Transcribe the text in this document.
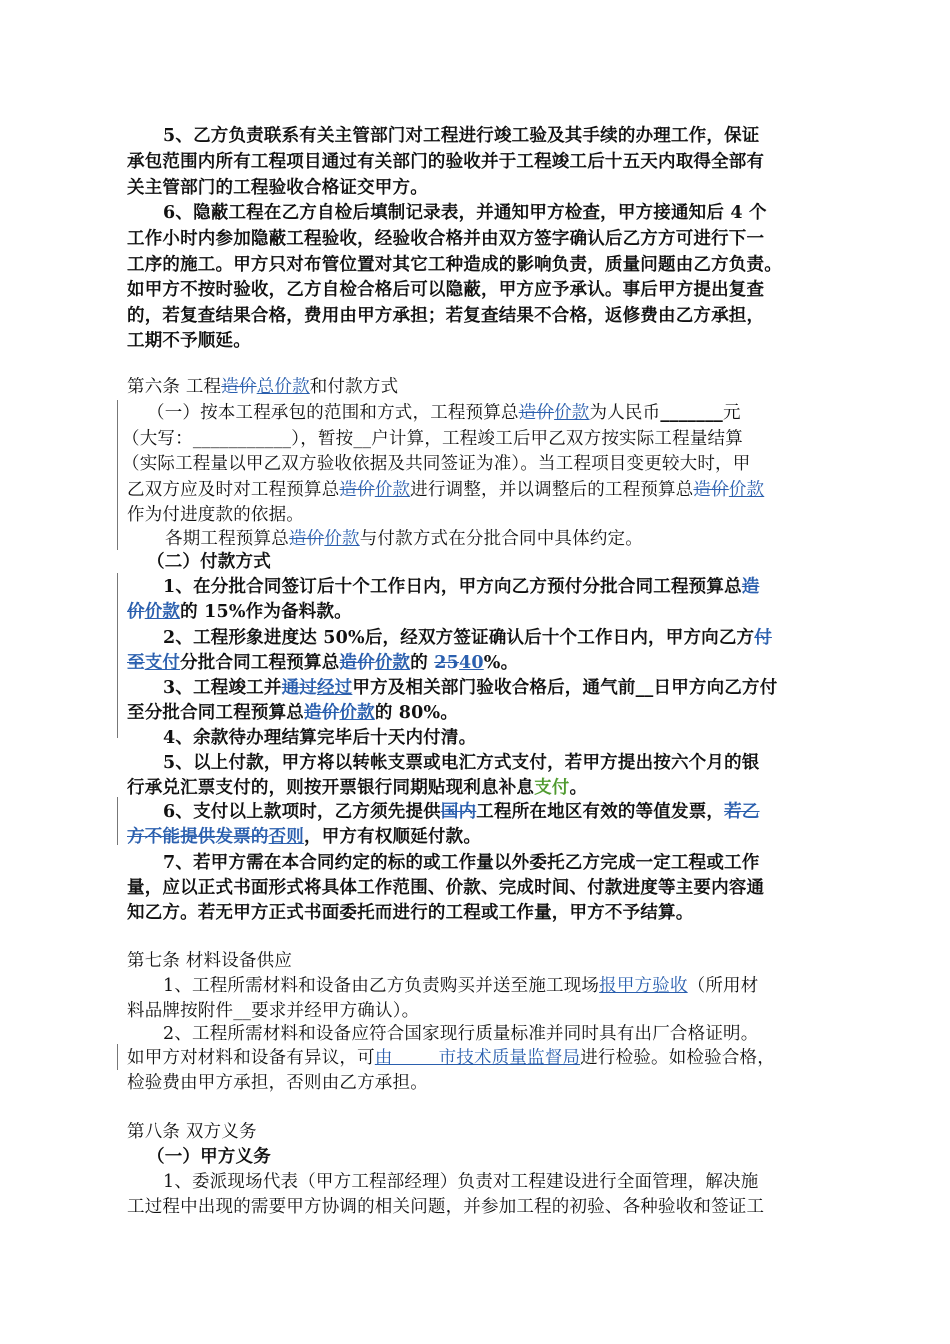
5、乙方负责联系有关主管部门对工程进行竣工验及其手续的办理工作，保证
承包范围内所有工程项目通过有关部门的验收并于工程竣工后十五天内取得全部有
关主管部门的工程验收合格证交甲方。
6、隐蔽工程在乙方自检后填制记录表，并通知甲方检查，甲方接通知后 4 个
工作小时内参加隐蔽工程验收，经验收合格并由双方签字确认后乙方方可进行下一
工序的施工。甲方只对布管位置对其它工种造成的影响负责，质量问题由乙方负责。
如甲方不按时验收，乙方自检合格后可以隐蔽，甲方应予承认。事后甲方提出复查
的，若复查结果合格，费用由甲方承担；若复查结果不合格，返修费由乙方承担，
工期不予顺延。
第六条 工程造价总价款和付款方式
（一）按本工程承包的范围和方式，工程预算总造价价款为人民币_______元
（大写：___________），暂按__户计算，工程竣工后甲乙双方按实际工程量结算
（实际工程量以甲乙双方验收依据及共同签证为准）。当工程项目变更较大时，甲
乙双方应及时对工程预算总造价价款进行调整，并以调整后的工程预算总造价价款
作为付进度款的依据。
各期工程预算总造价价款与付款方式在分批合同中具体约定。
（二）付款方式
1、在分批合同签订后十个工作日内，甲方向乙方预付分批合同工程预算总造
价价款的 15%作为备料款。
2、工程形象进度达 50%后，经双方签证确认后十个工作日内，甲方向乙方付
至支付分批合同工程预算总造价价款的 2540%。
3、工程竣工并通过经过甲方及相关部门验收合格后，通气前__日甲方向乙方付
至分批合同工程预算总造价价款的 80%。
4、余款待办理结算完毕后十天内付清。
5、以上付款，甲方将以转帐支票或电汇方式支付，若甲方提出按六个月的银
行承兑汇票支付的，则按开票银行同期贴现利息补息支付。
6、支付以上款项时，乙方须先提供国内工程所在地区有效的等值发票，若乙
方不能提供发票的否则，甲方有权顺延付款。
7、若甲方需在本合同约定的标的或工作量以外委托乙方完成一定工程或工作
量，应以正式书面形式将具体工作范围、价款、完成时间、付款进度等主要内容通
知乙方。若无甲方正式书面委托而进行的工程或工作量，甲方不予结算。
第七条 材料设备供应
1、工程所需材料和设备由乙方负责购买并送至施工现场报甲方验收（所用材
料品牌按附件__要求并经甲方确认）。
2、工程所需材料和设备应符合国家现行质量标准并同时具有出厂合格证明。
如甲方对材料和设备有异议，可由        市技术质量监督局进行检验。如检验合格，
检验费由甲方承担，否则由乙方承担。
第八条 双方义务
（一）甲方义务
1、委派现场代表（甲方工程部经理）负责对工程建设进行全面管理，解决施
工过程中出现的需要甲方协调的相关问题，并参加工程的初验、各种验收和签证工
